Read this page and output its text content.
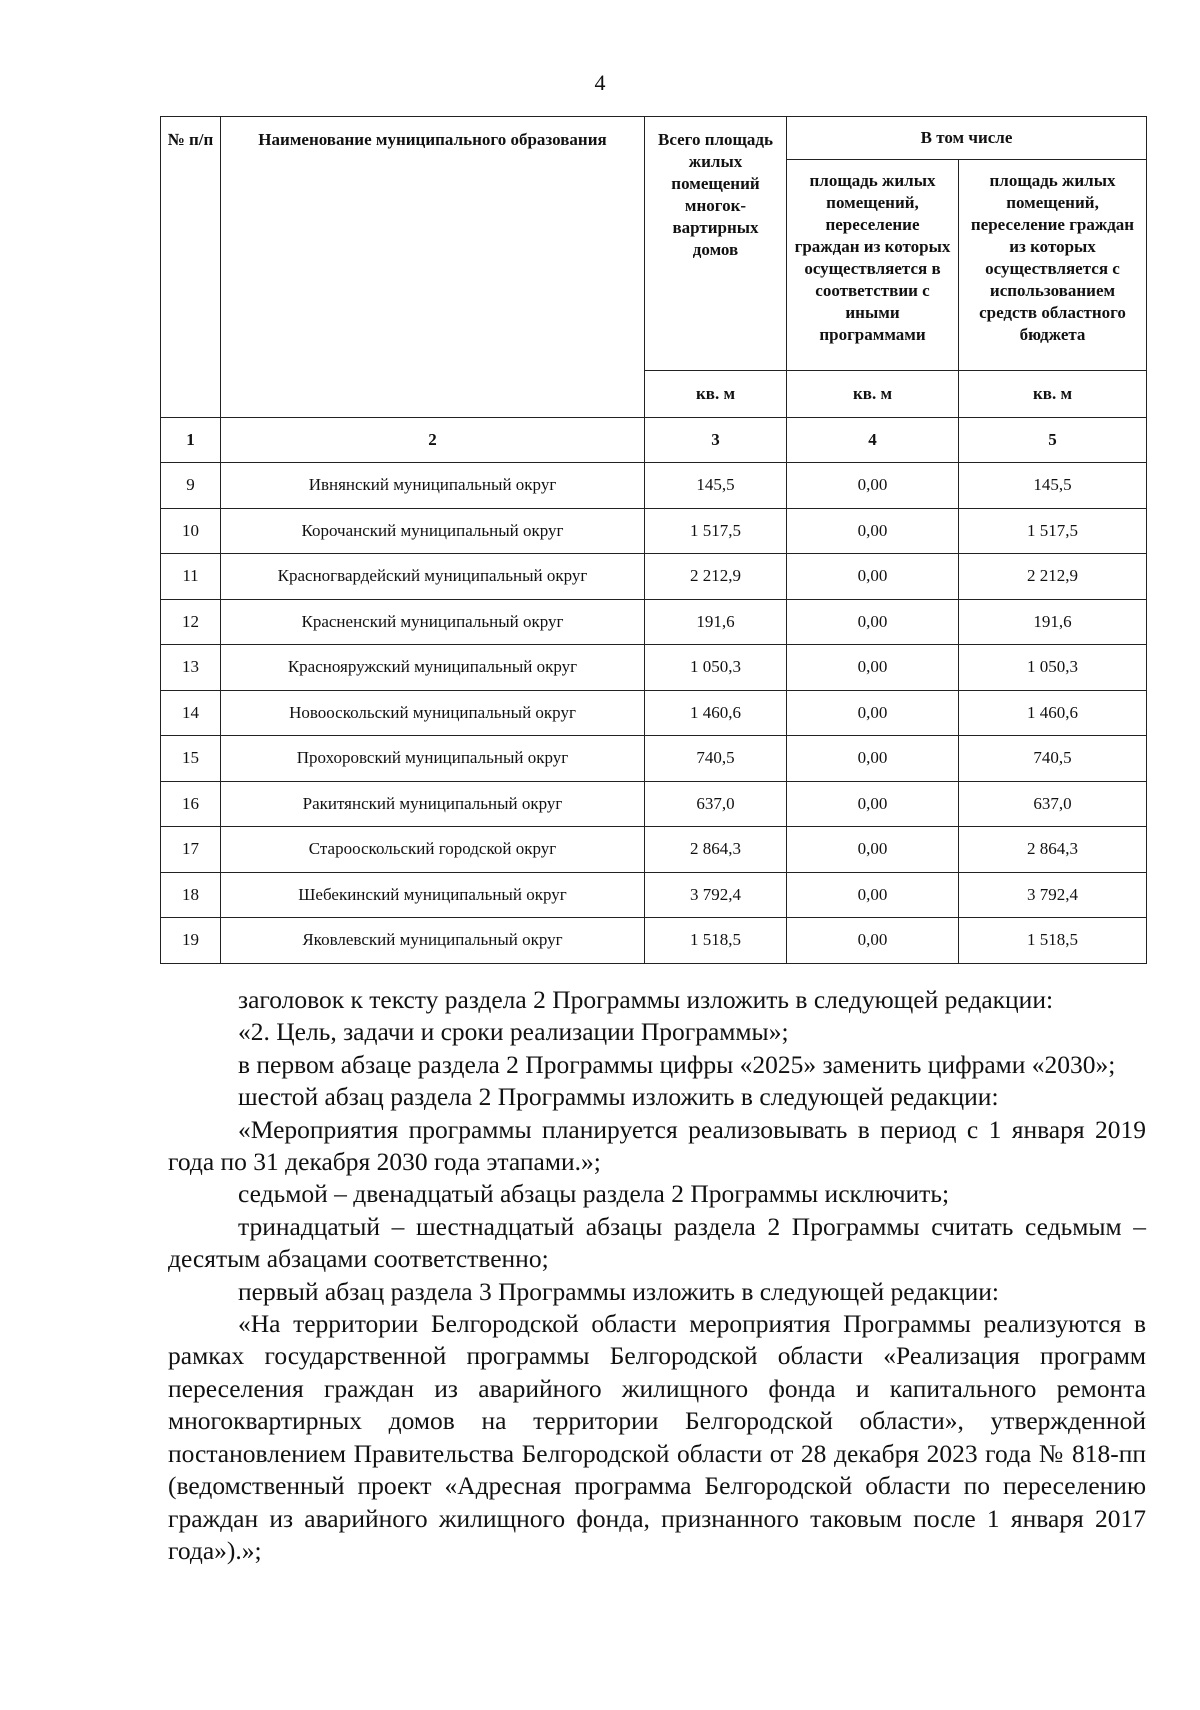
4
№ п/п	Наименование муниципального образования	Всего площадь жилых помещений многок-вартирных домов	В том числе	
			площадь жилых помещений, переселение граждан из которых осуществляется в соответствии с иными программами	площадь жилых помещений, переселение граждан из которых осуществляется с использованием средств областного бюджета
		кв. м	кв. м	кв. м
1	2	3	4	5
9	Ивнянский муниципальный округ	145,5	0,00	145,5
10	Корочанский муниципальный округ	1 517,5	0,00	1 517,5
11	Красногвардейский муниципальный округ	2 212,9	0,00	2 212,9
12	Красненский муниципальный округ	191,6	0,00	191,6
13	Краснояружский муниципальный округ	1 050,3	0,00	1 050,3
14	Новооскольский муниципальный округ	1 460,6	0,00	1 460,6
15	Прохоровский муниципальный округ	740,5	0,00	740,5
16	Ракитянский муниципальный округ	637,0	0,00	637,0
17	Старооскольский городской округ	2 864,3	0,00	2 864,3
18	Шебекинский муниципальный округ	3 792,4	0,00	3 792,4
19	Яковлевский муниципальный округ	1 518,5	0,00	1 518,5

заголовок к тексту раздела 2 Программы изложить в следующей редакции:

«2. Цель, задачи и сроки реализации Программы»;

в первом абзаце раздела 2 Программы цифры «2025» заменить цифрами «2030»;

шестой абзац раздела 2 Программы изложить в следующей редакции:

«Мероприятия программы планируется реализовывать в период с 1 января 2019 года по 31 декабря 2030 года этапами.»;

седьмой – двенадцатый абзацы раздела 2 Программы исключить;

тринадцатый – шестнадцатый абзацы раздела 2 Программы считать седьмым – десятым абзацами соответственно;

первый абзац раздела 3 Программы изложить в следующей редакции:

«На территории Белгородской области мероприятия Программы реализуются в рамках государственной программы Белгородской области «Реализация программ переселения граждан из аварийного жилищного фонда и капитального ремонта многоквартирных домов на территории Белгородской области», утвержденной постановлением Правительства Белгородской области от 28 декабря 2023 года № 818-пп (ведомственный проект «Адресная программа Белгородской области по переселению граждан из аварийного жилищного фонда, признанного таковым после 1 января 2017 года»).»;
